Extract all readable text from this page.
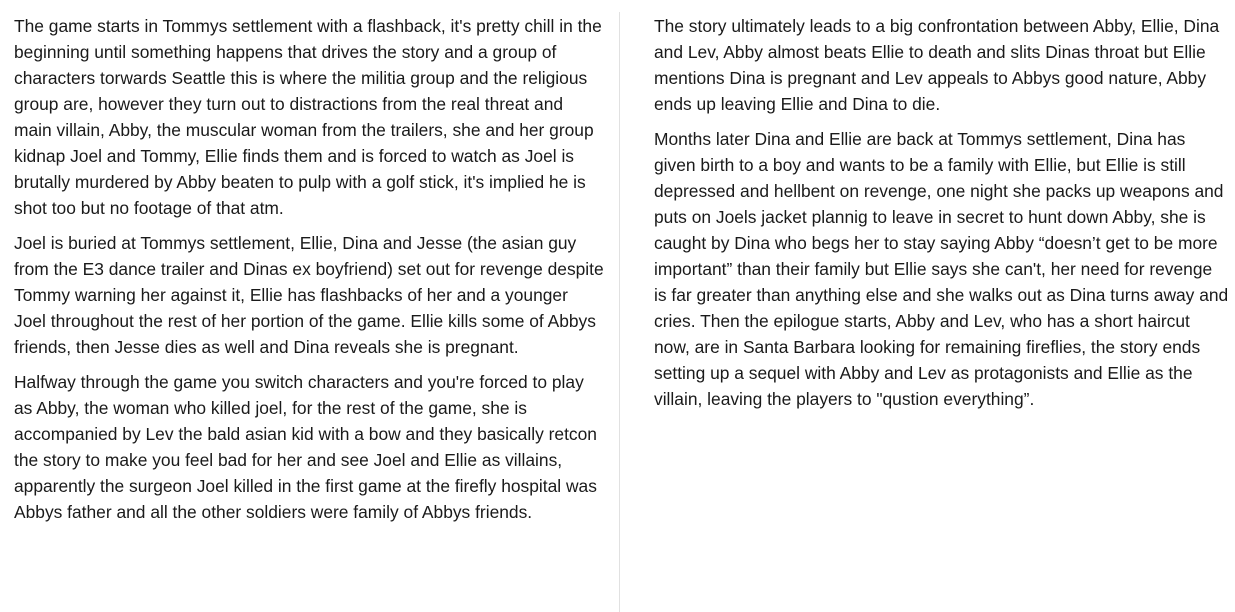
The game starts in Tommys settlement with a flashback, it's pretty chill in the beginning until something happens that drives the story and a group of characters torwards Seattle this is where the militia group and the religious group are, however they turn out to distractions from the real threat and main villain, Abby, the muscular woman from the trailers, she and her group kidnap Joel and Tommy, Ellie finds them and is forced to watch as Joel is brutally murdered by Abby beaten to pulp with a golf stick, it's implied he is shot too but no footage of that atm.

Joel is buried at Tommys settlement, Ellie, Dina and Jesse (the asian guy from the E3 dance trailer and Dinas ex boyfriend) set out for revenge despite Tommy warning her against it, Ellie has flashbacks of her and a younger Joel throughout the rest of her portion of the game. Ellie kills some of Abbys friends, then Jesse dies as well and Dina reveals she is pregnant.

Halfway through the game you switch characters and you're forced to play as Abby, the woman who killed joel, for the rest of the game, she is accompanied by Lev the bald asian kid with a bow and they basically retcon the story to make you feel bad for her and see Joel and Ellie as villains, apparently the surgeon Joel killed in the first game at the firefly hospital was Abbys father and all the other soldiers were family of Abbys friends.

The story ultimately leads to a big confrontation between Abby, Ellie, Dina and Lev, Abby almost beats Ellie to death and slits Dinas throat but Ellie mentions Dina is pregnant and Lev appeals to Abbys good nature, Abby ends up leaving Ellie and Dina to die.

Months later Dina and Ellie are back at Tommys settlement, Dina has given birth to a boy and wants to be a family with Ellie, but Ellie is still depressed and hellbent on revenge, one night she packs up weapons and puts on Joels jacket plannig to leave in secret to hunt down Abby, she is caught by Dina who begs her to stay saying Abby “doesn’t get to be more important” than their family but Ellie says she can't, her need for revenge is far greater than anything else and she walks out as Dina turns away and cries. Then the epilogue starts, Abby and Lev, who has a short haircut now, are in Santa Barbara looking for remaining fireflies, the story ends setting up a sequel with Abby and Lev as protagonists and Ellie as the villain, leaving the players to "qustion everything”.
